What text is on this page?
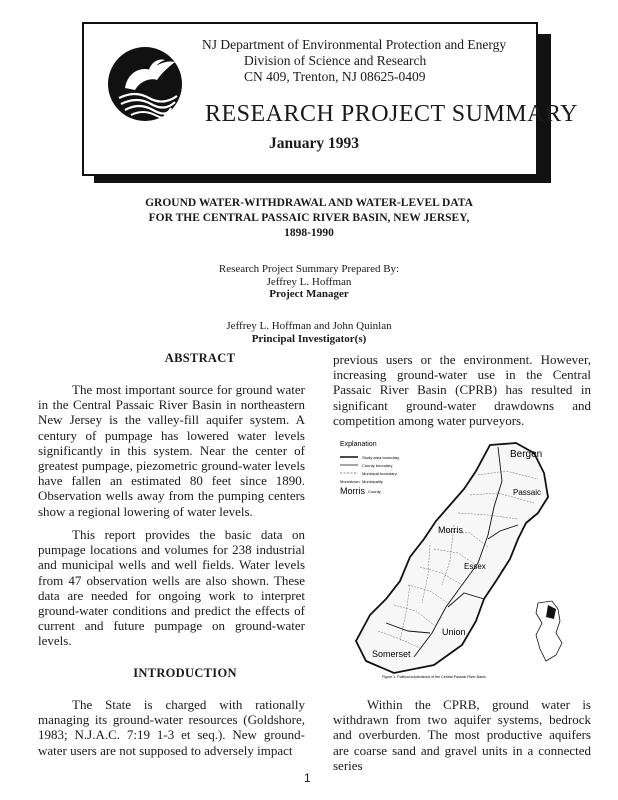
NJ Department of Environmental Protection and Energy
Division of Science and Research
CN 409, Trenton, NJ 08625-0409
RESEARCH PROJECT SUMMARY
January 1993
GROUND WATER-WITHDRAWAL AND WATER-LEVEL DATA
FOR THE CENTRAL PASSAIC RIVER BASIN, NEW JERSEY,
1898-1990
Research Project Summary Prepared By:
Jeffrey L. Hoffman
Project Manager
Jeffrey L. Hoffman and John Quinlan
Principal Investigator(s)
ABSTRACT

The most important source for ground water in the Central Passaic River Basin in northeastern New Jersey is the valley-fill aquifer system. A century of pumpage has lowered water levels significantly in this system. Near the center of greatest pumpage, piezometric ground-water levels have fallen an estimated 80 feet since 1890. Observation wells away from the pumping centers show a regional lowering of water levels.

This report provides the basic data on pumpage locations and volumes for 238 industrial and municipal wells and well fields. Water levels from 47 observation wells are also shown. These data are needed for ongoing work to interpret ground-water conditions and predict the effects of current and future pumpage on ground-water levels.

INTRODUCTION

The State is charged with rationally managing its ground-water resources (Goldshore, 1983; N.J.A.C. 7:19 1-3 et seq.). New ground-water users are not supposed to adversely impact

previous users or the environment. However, increasing ground-water use in the Central Passaic River Basin (CPRB) has resulted in significant ground-water drawdowns and competition among water purveyors.

Explanation
Study area boundary
County boundary
Municipal boundary
Morristown Municipality
Morris County
Bergen
Passaic
Essex
Morris
Union
Somerset
Figure 1. Political subdivisions of the Central Passaic River Basin.

Within the CPRB, ground water is withdrawn from two aquifer systems, bedrock and overburden. The most productive aquifers are coarse sand and gravel units in a connected series

1
